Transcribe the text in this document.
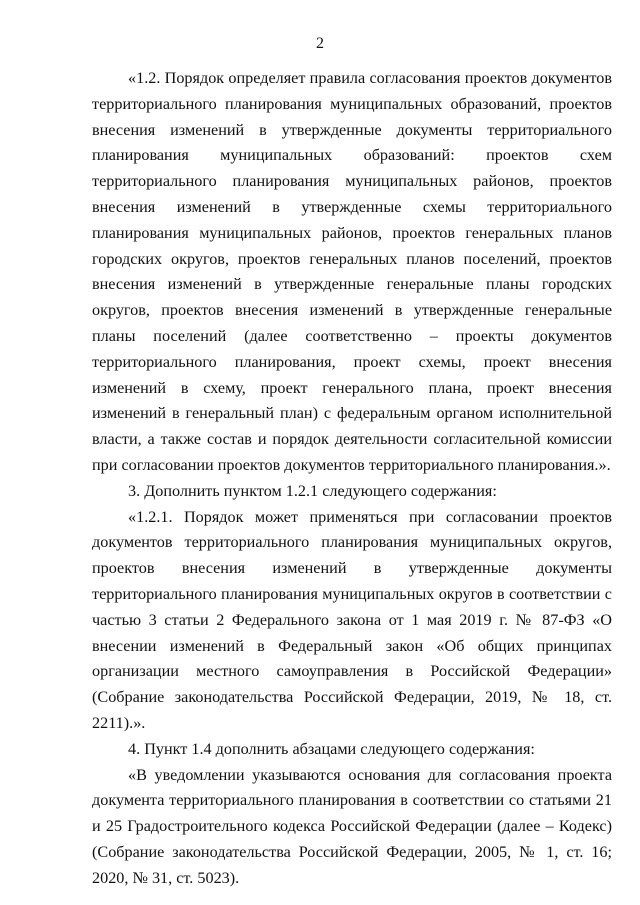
2

«1.2. Порядок определяет правила согласования проектов документов территориального планирования муниципальных образований, проектов внесения изменений в утвержденные документы территориального планирования муниципальных образований: проектов схем территориального планирования муниципальных районов, проектов внесения изменений в утвержденные схемы территориального планирования муниципальных районов, проектов генеральных планов городских округов, проектов генеральных планов поселений, проектов внесения изменений в утвержденные генеральные планы городских округов, проектов внесения изменений в утвержденные генеральные планы поселений (далее соответственно – проекты документов территориального планирования, проект схемы, проект внесения изменений в схему, проект генерального плана, проект внесения изменений в генеральный план) с федеральным органом исполнительной власти, а также состав и порядок деятельности согласительной комиссии при согласовании проектов документов территориального планирования.».

3. Дополнить пунктом 1.2.1 следующего содержания:

«1.2.1. Порядок может применяться при согласовании проектов документов территориального планирования муниципальных округов, проектов внесения изменений в утвержденные документы территориального планирования муниципальных округов в соответствии с частью 3 статьи 2 Федерального закона от 1 мая 2019 г. № 87-ФЗ «О внесении изменений в Федеральный закон «Об общих принципах организации местного самоуправления в Российской Федерации» (Собрание законодательства Российской Федерации, 2019, № 18, ст. 2211).».

4. Пункт 1.4 дополнить абзацами следующего содержания:

«В уведомлении указываются основания для согласования проекта документа территориального планирования в соответствии со статьями 21 и 25 Градостроительного кодекса Российской Федерации (далее – Кодекс) (Собрание законодательства Российской Федерации, 2005, № 1, ст. 16; 2020, № 31, ст. 5023).
